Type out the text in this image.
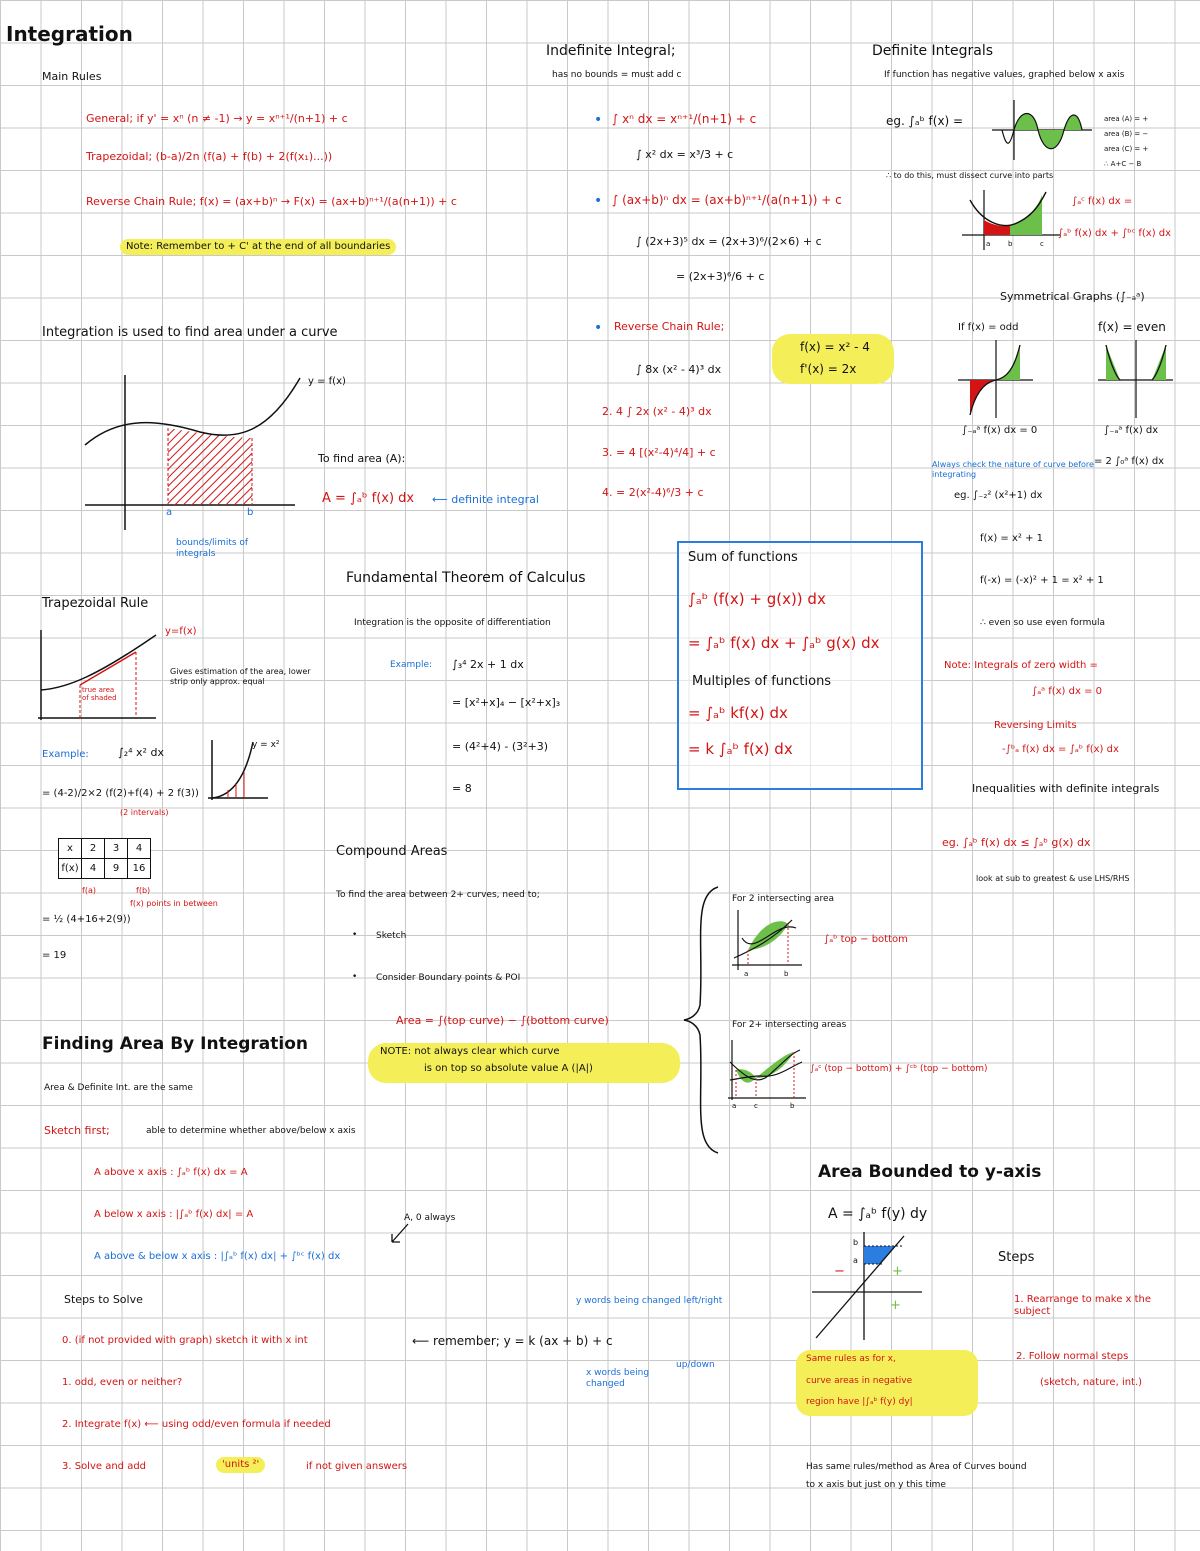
Integration
Main Rules
General; if y' = xⁿ (n ≠ -1) → y = xⁿ⁺¹/(n+1) + c
Trapezoidal; (b-a)/2n (f(a) + f(b) + 2(f(x₁)...))
Reverse Chain Rule; f(x) = (ax+b)ⁿ → F(x) = (ax+b)ⁿ⁺¹/(a(n+1)) + c
Note: Remember to + C' at the end of all boundaries
Integration is used to find area under a curve
y = f(x)
a	b
bounds/limits of integrals
To find area (A):
A = ∫ₐᵇ f(x) dx ⟵ definite integral
Trapezoidal Rule
y=f(x)
true area of shaded
Gives estimation of the area, lower strip only approx. equal
Example:	∫₂⁴ x² dx
y = x²
= (4-2)/2×2 (f(2)+f(4) + 2 f(3))
(2 intervals)
x	2	3	4
f(x)	4	9	16
f(a)	f(b)
f(x) points in between
= ½ (4+16+2(9))
= 19
Indefinite Integral;
has no bounds = must add c
• ∫ xⁿ dx = xⁿ⁺¹/(n+1) + c
∫ x² dx = x³/3 + c
• ∫ (ax+b)ⁿ dx = (ax+b)ⁿ⁺¹/(a(n+1)) + c
∫ (2x+3)⁵ dx = (2x+3)⁶/(2×6) + c
= (2x+3)⁶/6 + c
• Reverse Chain Rule;
∫ 8x (x² - 4)³ dx
f(x) = x² - 4
f'(x) = 2x
2. 4 ∫ 2x (x² - 4)³ dx
3. = 4 [(x²-4)⁴/4] + c
4. = 2(x²-4)⁶/3 + c
Definite Integrals
If function has negative values, graphed below x axis
eg. ∫ₐᵇ f(x) =	area (A) = +
area (B) = −
area (C) = +
∴ A+C − B
∴ to do this, must dissect curve into parts
a	b	c
∫ₐᶜ f(x) dx =
∫ₐᵇ f(x) dx + ∫ᵇᶜ f(x) dx
Symmetrical Graphs (∫₋ₐᵃ)
If f(x) = odd	f(x) = even
∫₋ₐᵃ f(x) dx = 0	∫₋ₐᵃ f(x) dx
= 2 ∫₀ᵃ f(x) dx
Always check the nature of curve before integrating
eg. ∫₋₂² (x²+1) dx
f(x) = x² + 1
f(-x) = (-x)² + 1 = x² + 1
∴ even so use even formula
Note: Integrals of zero width =
∫ₐᵃ f(x) dx = 0
Reversing Limits
-∫ᵇₐ f(x) dx = ∫ₐᵇ f(x) dx
Inequalities with definite integrals
eg. ∫ₐᵇ f(x) dx ≤ ∫ₐᵇ g(x) dx
look at sub to greatest & use LHS/RHS
Fundamental Theorem of Calculus
Integration is the opposite of differentiation
Example: ∫₃⁴ 2x + 1 dx
= [x²+x]₄ − [x²+x]₃
= (4²+4) - (3²+3)
= 8
Sum of functions
∫ₐᵇ (f(x) + g(x)) dx
= ∫ₐᵇ f(x) dx + ∫ₐᵇ g(x) dx
Multiples of functions
= ∫ₐᵇ kf(x) dx
= k ∫ₐᵇ f(x) dx
Compound Areas
To find the area between 2+ curves, need to;
• Sketch
• Consider Boundary points & POI
Area = ∫(top curve) − ∫(bottom curve)
NOTE: not always clear which curve
is on top so absolute value A (|A|)
For 2 intersecting area
a	b
∫ₐᵇ top − bottom
For 2+ intersecting areas
a	c	b
∫ₐᶜ (top − bottom) + ∫ᶜᵇ (top − bottom)
Finding Area By Integration
Area & Definite Int. are the same
Sketch first;	able to determine whether above/below x axis
A above x axis : ∫ₐᵇ f(x) dx = A
A below x axis : |∫ₐᵇ f(x) dx| = A
A above & below x axis : |∫ₐᵇ f(x) dx| + ∫ᵇᶜ f(x) dx
A, 0 always
Steps to Solve
0. (if not provided with graph) sketch it with x int	⟵ remember; y = k (ax + b) + c
y words being changed left/right
up/down
x words being changed
1. odd, even or neither?
2. Integrate f(x) ⟵ using odd/even formula if needed
3. Solve and add	'units ²'	if not given answers
Area Bounded to y-axis
A = ∫ₐᵇ f(y) dy
b
a
−	+
+
Steps
1. Rearrange to make x the subject
2. Follow normal steps
(sketch, nature, int.)
Same rules as for x,
curve areas in negative
region have |∫ₐᵇ f(y) dy|
Has same rules/method as Area of Curves bound
to x axis but just on y this time
